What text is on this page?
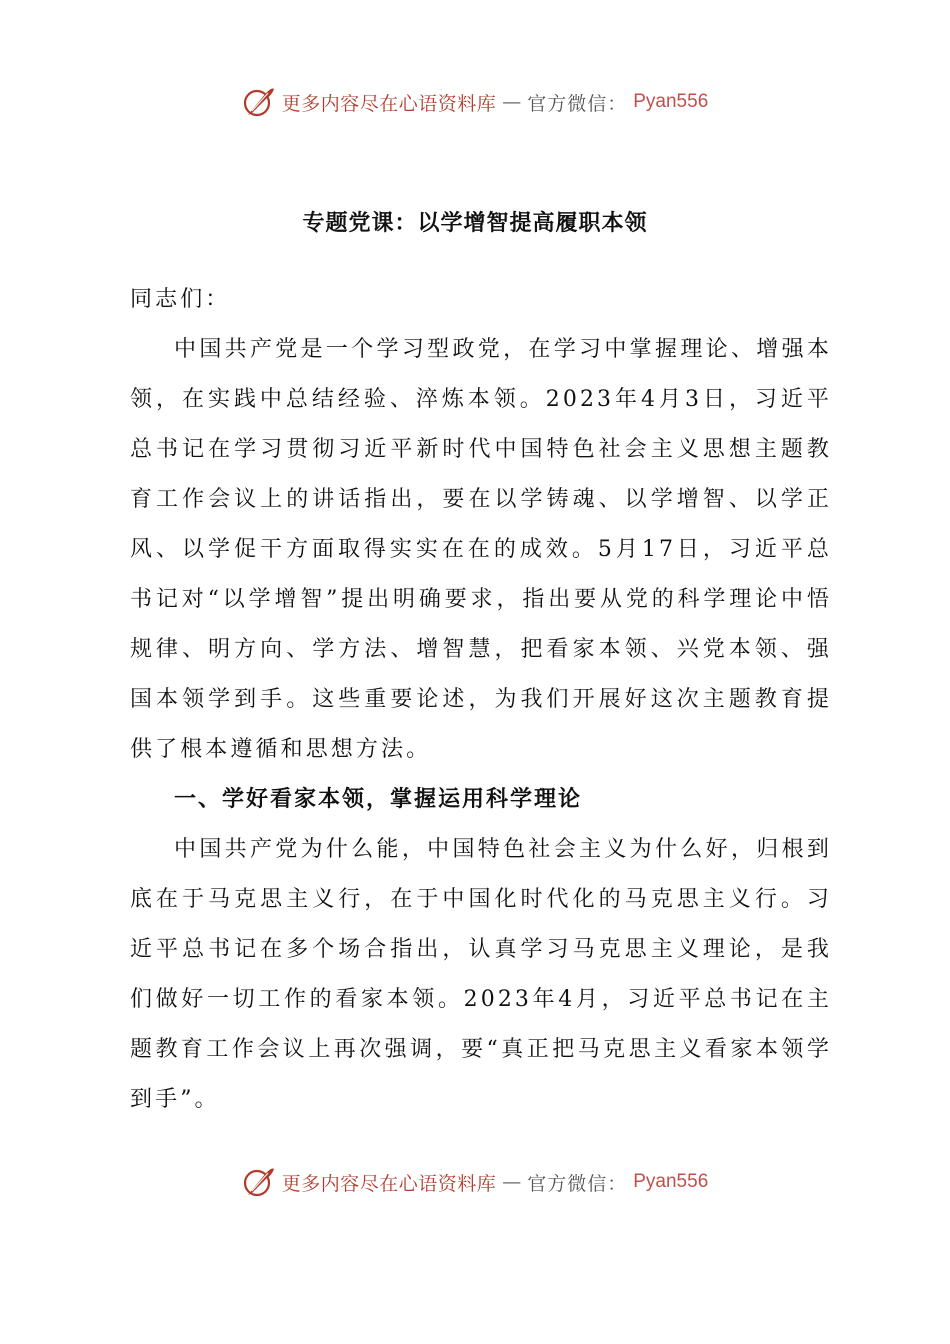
更多内容尽在心语资料库 — 官方微信： Pyan556
专题党课：以学增智提高履职本领

同志们：

中国共产党是一个学习型政党，在学习中掌握理论、增强本领，在实践中总结经验、淬炼本领。2023年4月3日，习近平总书记在学习贯彻习近平新时代中国特色社会主义思想主题教育工作会议上的讲话指出，要在以学铸魂、以学增智、以学正风、以学促干方面取得实实在在的成效。5月17日，习近平总书记对“以学增智”提出明确要求，指出要从党的科学理论中悟规律、明方向、学方法、增智慧，把看家本领、兴党本领、强国本领学到手。这些重要论述，为我们开展好这次主题教育提供了根本遵循和思想方法。

一、学好看家本领，掌握运用科学理论

中国共产党为什么能，中国特色社会主义为什么好，归根到底在于马克思主义行，在于中国化时代化的马克思主义行。习近平总书记在多个场合指出，认真学习马克思主义理论，是我们做好一切工作的看家本领。2023年4月，习近平总书记在主题教育工作会议上再次强调，要“真正把马克思主义看家本领学到手”。

更多内容尽在心语资料库 — 官方微信： Pyan556
